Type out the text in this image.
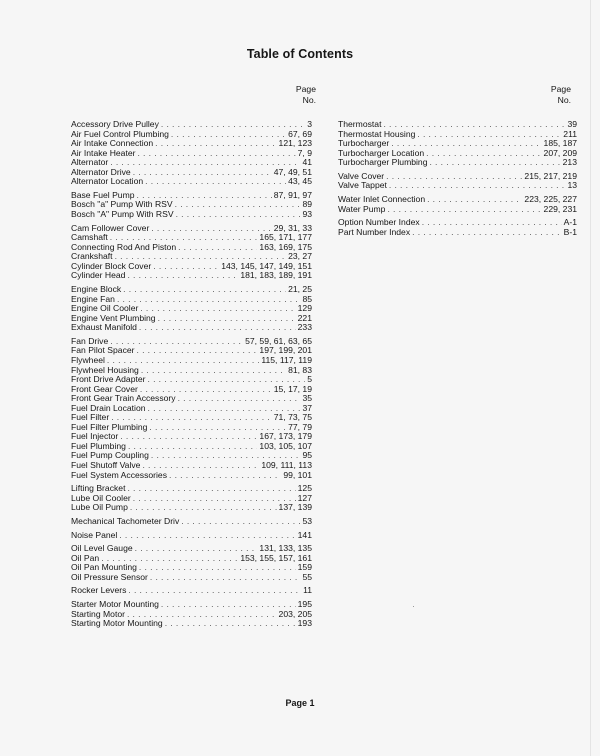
Table of Contents
Page
No.
Page
No.
Accessory Drive Pulley . . .	3
Air Fuel Control Plumbing . . .	67, 69
Air Intake Connection . . .	121, 123
Air Intake Heater . . .	7, 9
Alternator . . .	41
Alternator Drive . . .	47, 49, 51
Alternator Location . . .	43, 45
Base Fuel Pump . . .	87, 91, 97
Bosch "a" Pump With RSV . . .	89
Bosch "A" Pump With RSV . . .	93
Cam Follower Cover . . .	29, 31, 33
Camshaft . . .	165, 171, 177
Connecting Rod And Piston . . .	163, 169, 175
Crankshaft . . .	23, 27
Cylinder Block Cover . . .	143, 145, 147, 149, 151
Cylinder Head . . .	181, 183, 189, 191
Engine Block . . .	21, 25
Engine Fan . . .	85
Engine Oil Cooler . . .	129
Engine Vent Plumbing . . .	221
Exhaust Manifold . . .	233
Fan Drive . . .	57, 59, 61, 63, 65
Fan Pilot Spacer . . .	197, 199, 201
Flywheel . . .	115, 117, 119
Flywheel Housing . . .	81, 83
Front Drive Adapter . . .	5
Front Gear Cover . . .	15, 17, 19
Front Gear Train Accessory . . .	35
Fuel Drain Location . . .	37
Fuel Filter . . .	71, 73, 75
Fuel Filter Plumbing . . .	77, 79
Fuel Injector . . .	167, 173, 179
Fuel Plumbing . . .	103, 105, 107
Fuel Pump Coupling . . .	95
Fuel Shutoff Valve . . .	109, 111, 113
Fuel System Accessories . . .	99, 101
Lifting Bracket . . .	125
Lube Oil Cooler . . .	127
Lube Oil Pump . . .	137, 139
Mechanical Tachometer Driv . . .	53
Noise Panel . . .	141
Oil Level Gauge . . .	131, 133, 135
Oil Pan . . .	153, 155, 157, 161
Oil Pan Mounting . . .	159
Oil Pressure Sensor . . .	55
Rocker Levers . . .	11
Starter Motor Mounting . . .	195
Starting Motor . . .	203, 205
Starting Motor Mounting . . .	193
Thermostat . . .	39
Thermostat Housing . . .	211
Turbocharger . . .	185, 187
Turbocharger Location . . .	207, 209
Turbocharger Plumbing . . .	213
Valve Cover . . .	215, 217, 219
Valve Tappet . . .	13
Water Inlet Connection . . .	223, 225, 227
Water Pump . . .	229, 231
Option Number Index . . .	A-1
Part Number Index . . .	B-1
Page 1
